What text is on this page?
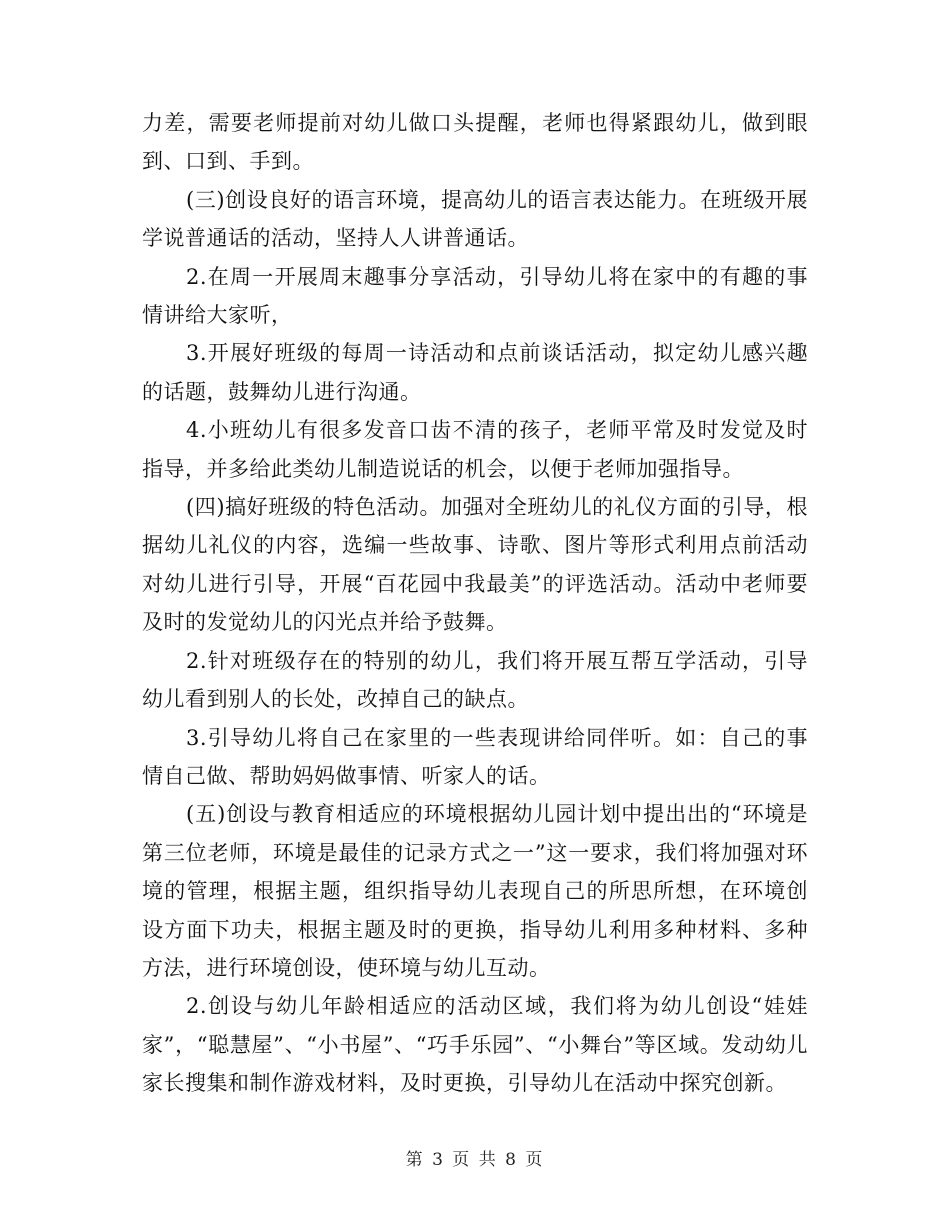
力差，需要老师提前对幼儿做口头提醒，老师也得紧跟幼儿，做到眼到、口到、手到。

(三)创设良好的语言环境，提高幼儿的语言表达能力。在班级开展学说普通话的活动，坚持人人讲普通话。

2.在周一开展周末趣事分享活动，引导幼儿将在家中的有趣的事情讲给大家听，

3.开展好班级的每周一诗活动和点前谈话活动，拟定幼儿感兴趣的话题，鼓舞幼儿进行沟通。

4.小班幼儿有很多发音口齿不清的孩子，老师平常及时发觉及时指导，并多给此类幼儿制造说话的机会，以便于老师加强指导。

(四)搞好班级的特色活动。加强对全班幼儿的礼仪方面的引导，根据幼儿礼仪的内容，选编一些故事、诗歌、图片等形式利用点前活动对幼儿进行引导，开展“百花园中我最美”的评选活动。活动中老师要及时的发觉幼儿的闪光点并给予鼓舞。

2.针对班级存在的特别的幼儿，我们将开展互帮互学活动，引导幼儿看到别人的长处，改掉自己的缺点。

3.引导幼儿将自己在家里的一些表现讲给同伴听。如：自己的事情自己做、帮助妈妈做事情、听家人的话。

(五)创设与教育相适应的环境根据幼儿园计划中提出出的“环境是第三位老师，环境是最佳的记录方式之一”这一要求，我们将加强对环境的管理，根据主题，组织指导幼儿表现自己的所思所想，在环境创设方面下功夫，根据主题及时的更换，指导幼儿利用多种材料、多种方法，进行环境创设，使环境与幼儿互动。

2.创设与幼儿年龄相适应的活动区域，我们将为幼儿创设“娃娃家”，“聪慧屋”、“小书屋”、“巧手乐园”、“小舞台”等区域。发动幼儿家长搜集和制作游戏材料，及时更换，引导幼儿在活动中探究创新。

第 3 页 共 8 页
